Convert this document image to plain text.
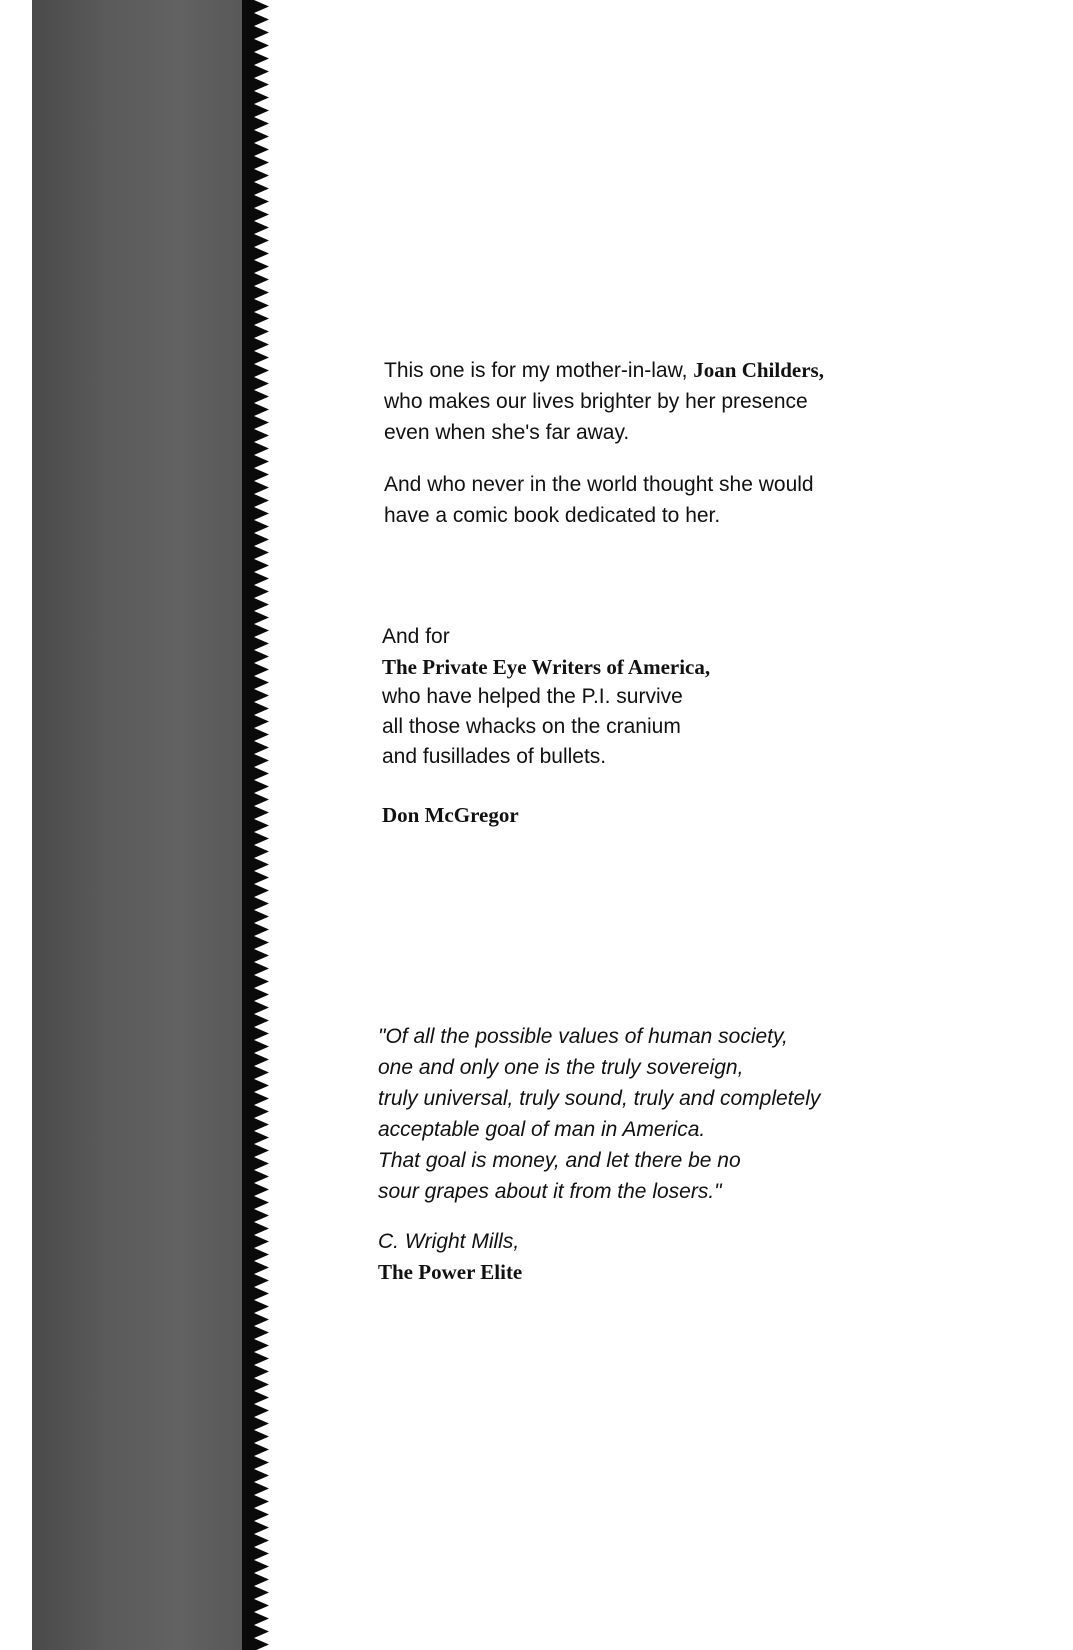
This one is for my mother-in-law, Joan Childers,
who makes our lives brighter by her presence
even when she's far away.
And who never in the world thought she would
have a comic book dedicated to her.
And for
The Private Eye Writers of America,
who have helped the P.I. survive
all those whacks on the cranium
and fusillades of bullets.
Don McGregor
"Of all the possible values of human society,
one and only one is the truly sovereign,
truly universal, truly sound, truly and completely
acceptable goal of man in America.
That goal is money, and let there be no
sour grapes about it from the losers."
C. Wright Mills,
The Power Elite
